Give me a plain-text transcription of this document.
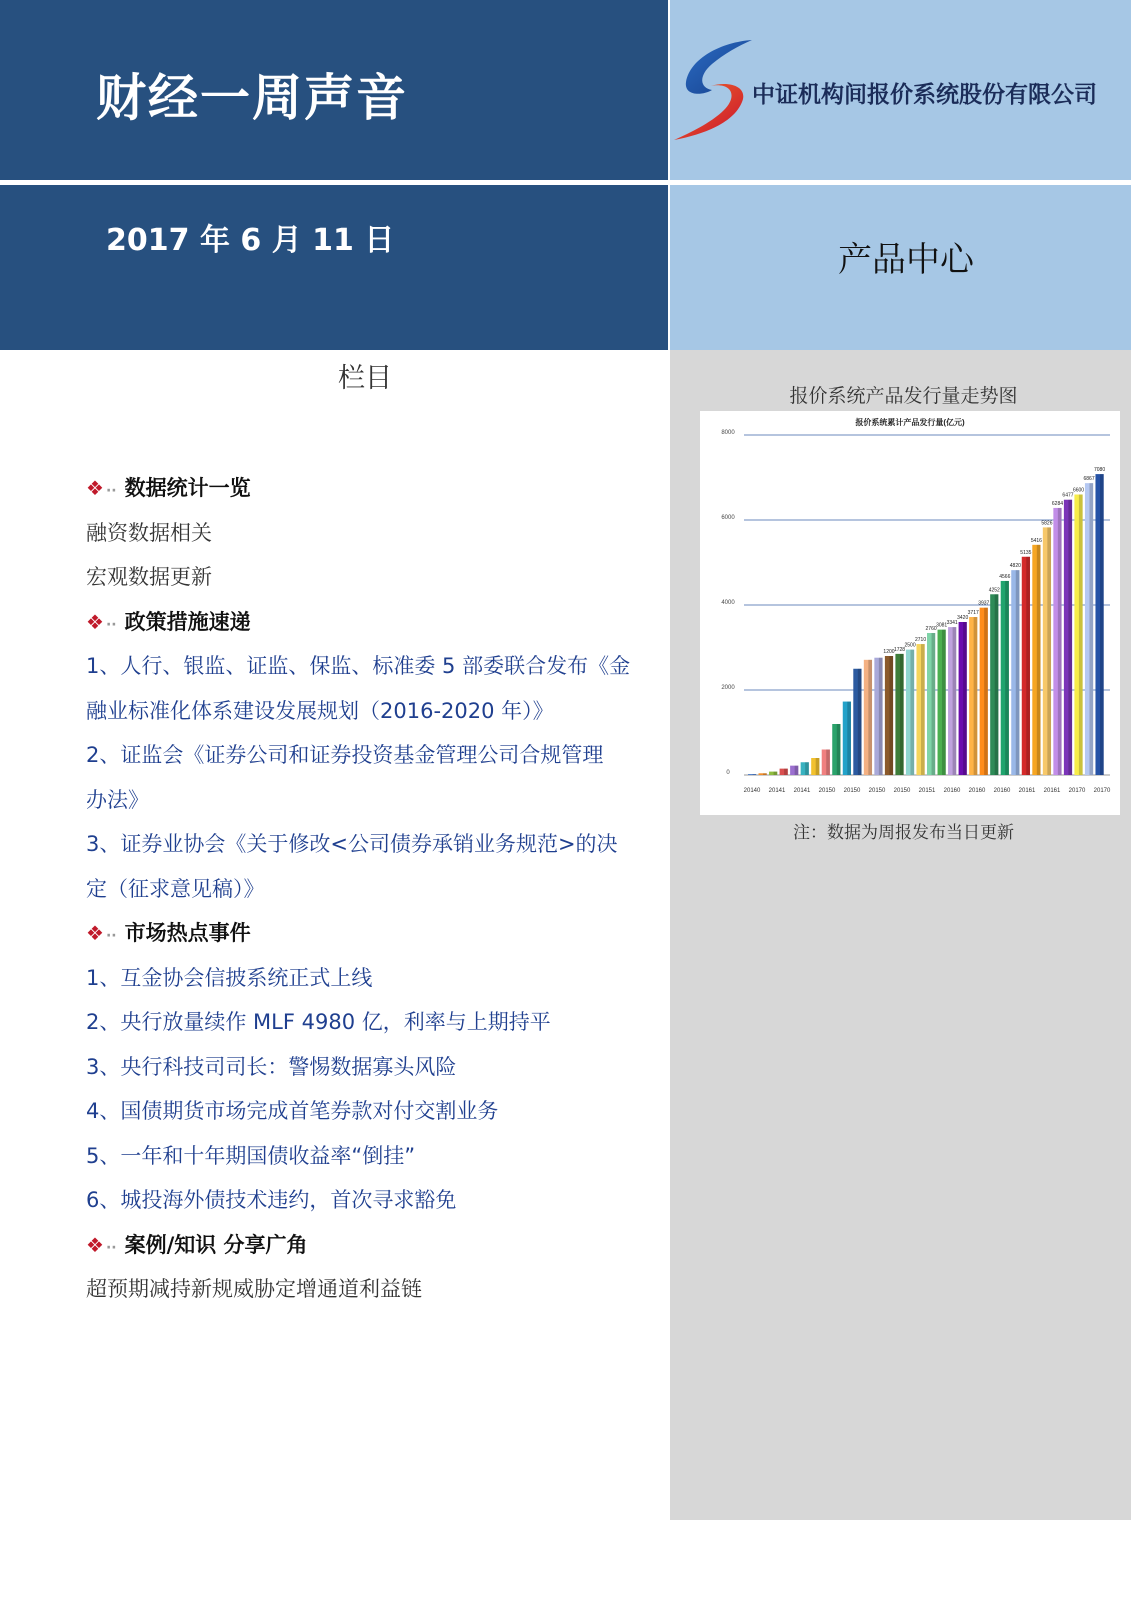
财经一周声音
2017 年 6 月 11 日
中证机构间报价系统股份有限公司
产品中心
栏目
❖ ·· 数据统计一览
融资数据相关
宏观数据更新
❖ ·· 政策措施速递
1、人行、银监、证监、保监、标准委 5 部委联合发布《金
融业标准化体系建设发展规划（2016-2020 年）》
2、证监会《证券公司和证券投资基金管理公司合规管理
办法》
3、证券业协会《关于修改<公司债券承销业务规范>的决
定（征求意见稿）》
❖ ·· 市场热点事件
1、互金协会信披系统正式上线
2、央行放量续作 MLF 4980 亿，利率与上期持平
3、央行科技司司长：警惕数据寡头风险
4、国债期货市场完成首笔券款对付交割业务
5、一年和十年期国债收益率“倒挂”
6、城投海外债技术违约，首次寻求豁免
❖ ·· 案例/知识 分享广角
超预期减持新规威胁定增通道利益链
报价系统产品发行量走势图
报价系统累计产品发行量(亿元)
0
2000
4000
6000
8000
1200 1728
2500
2710
2760
3081 3341
3420
3717
3937
4252
4566
4820
5135
5416
5826
6284
6477
6600
6867
7080
20140 20141 20141 20150 20150 20150 20150 20151 20160 20160 20160 20161 20161 20170 20170
注：数据为周报发布当日更新
